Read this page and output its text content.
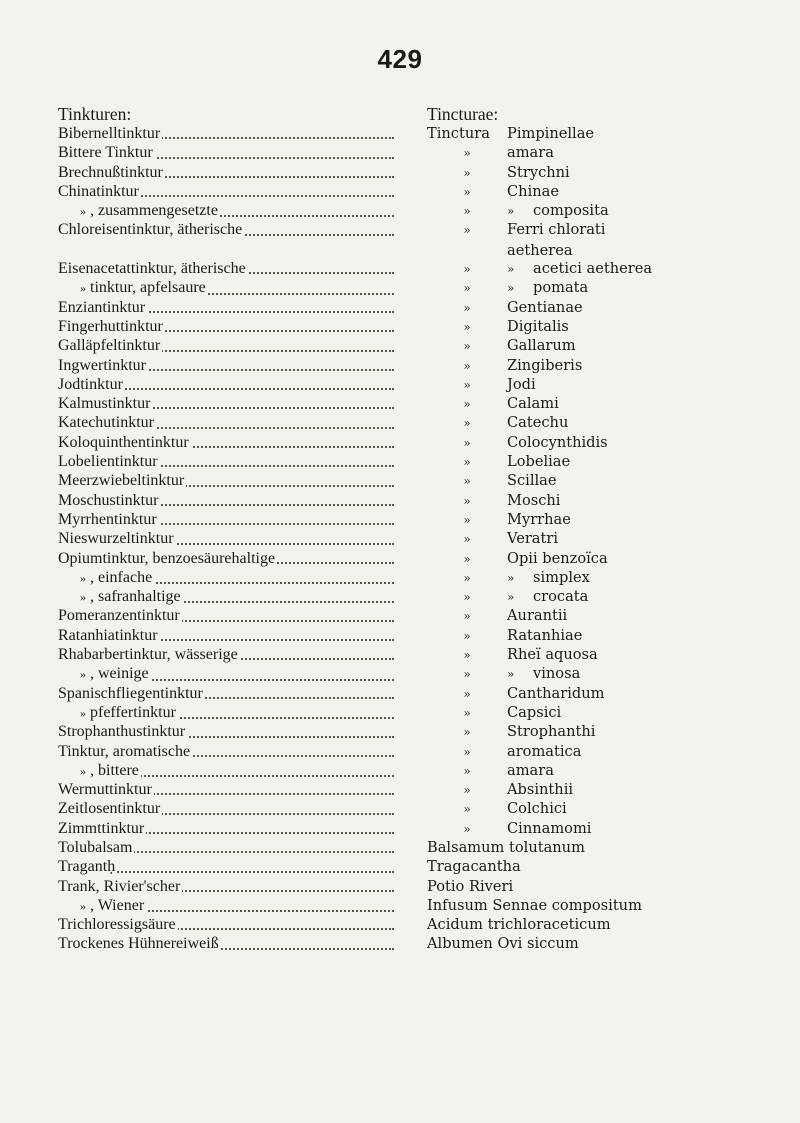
429
Tinkturen:	Tincturae:
Bibernelltinktur	Tinctura Pimpinellae
Bittere Tinktur	» amara
Brechnußtinktur	» Strychni
Chinatinktur	» Chinae
» , zusammengesetzte	»	» composita
Chloreisentinktur, ätherische	» Ferri chlorati
aetherea
Eisenacetattinktur, ätherische	»	» acetici aetherea
» tinktur, apfelsaure	»	» pomata
Enziantinktur	» Gentianae
Fingerhuttinktur	» Digitalis
Galläpfeltinktur	» Gallarum
Ingwertinktur	» Zingiberis
Jodtinktur	» Jodi
Kalmustinktur	» Calami
Katechutinktur	» Catechu
Koloquinthentinktur	» Colocynthidis
Lobelientinktur	» Lobeliae
Meerzwiebeltinktur	» Scillae
Moschustinktur	» Moschi
Myrrhentinktur	» Myrrhae
Nieswurzeltinktur	» Veratri
Opiumtinktur, benzoesäurehaltige	» Opii benzoïca
» , einfache	»	» simplex
» , safranhaltige	»	» crocata
Pomeranzentinktur	» Aurantii
Ratanhiatinktur	» Ratanhiae
Rhabarbertinktur, wässerige	» Rheï aquosa
» , weinige	»	» vinosa
Spanischfliegentinktur	» Cantharidum
» pfeffertinktur	» Capsici
Strophanthustinktur	» Strophanthi
Tinktur, aromatische	» aromatica
» , bittere	» amara
Wermuttinktur	» Absinthii
Zeitlosentinktur	» Colchici
Zimmttinktur	» Cinnamomi
Tolubalsam	Balsamum tolutanum
Tragantḥ	Tragacantha
Trank, Rivier'scher	Potio Riveri
» , Wiener	Infusum Sennae compositum
Trichloressigsäure	Acidum trichloraceticum
Trockenes Hühnereiweiß	Albumen Ovi siccum
